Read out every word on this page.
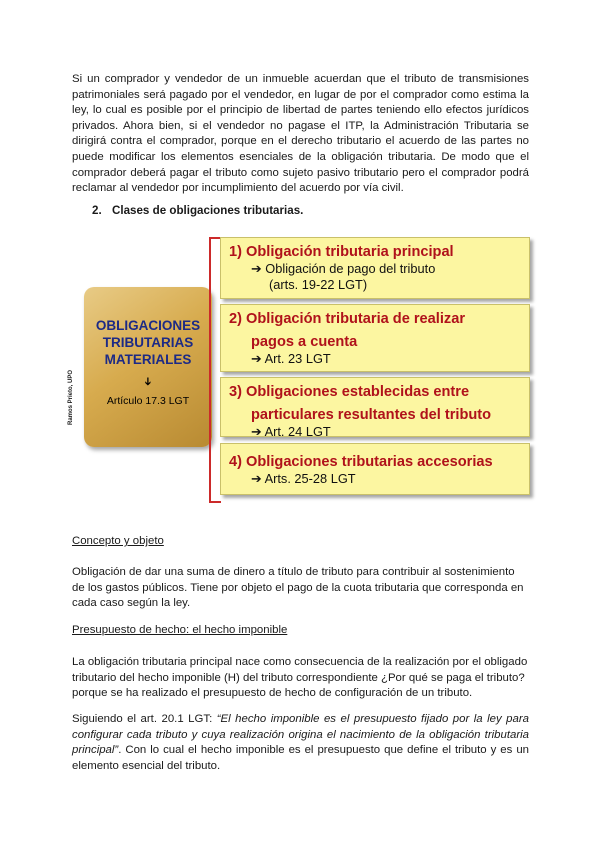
Si un comprador y vendedor de un inmueble acuerdan que el tributo de transmisiones patrimoniales será pagado por el vendedor, en lugar de por el comprador como estima la ley, lo cual es posible por el principio de libertad de partes teniendo ello efectos jurídicos privados. Ahora bien, si el vendedor no pagase el ITP, la Administración Tributaria se dirigirá contra el comprador, porque en el derecho tributario el acuerdo de las partes no puede modificar los elementos esenciales de la obligación tributaria. De modo que el comprador deberá pagar el tributo como sujeto pasivo tributario pero el comprador podrá reclamar al vendedor por incumplimiento del acuerdo por vía civil.

2. Clases de obligaciones tributarias.

Ramos Prieto, UPO
OBLIGACIONES
TRIBUTARIAS
MATERIALES
➔
Artículo 17.3 LGT
1) Obligación tributaria principal
➔ Obligación de pago del tributo
(arts. 19-22 LGT)
2) Obligación tributaria de realizar
pagos a cuenta
➔ Art. 23 LGT
3) Obligaciones establecidas entre
particulares resultantes del tributo
➔ Art. 24 LGT
4) Obligaciones tributarias accesorias
➔ Arts. 25-28 LGT

Concepto y objeto

Obligación de dar una suma de dinero a título de tributo para contribuir al sostenimiento de los gastos públicos. Tiene por objeto el pago de la cuota tributaria que corresponda en cada caso según la ley.

Presupuesto de hecho: el hecho imponible

La obligación tributaria principal nace como consecuencia de la realización por el obligado tributario del hecho imponible (H) del tributo correspondiente ¿Por qué se paga el tributo? porque se ha realizado el presupuesto de hecho de configuración de un tributo.

Siguiendo el art. 20.1 LGT: “El hecho imponible es el presupuesto fijado por la ley para configurar cada tributo y cuya realización origina el nacimiento de la obligación tributaria principal”. Con lo cual el hecho imponible es el presupuesto que define el tributo y es un elemento esencial del tributo.
